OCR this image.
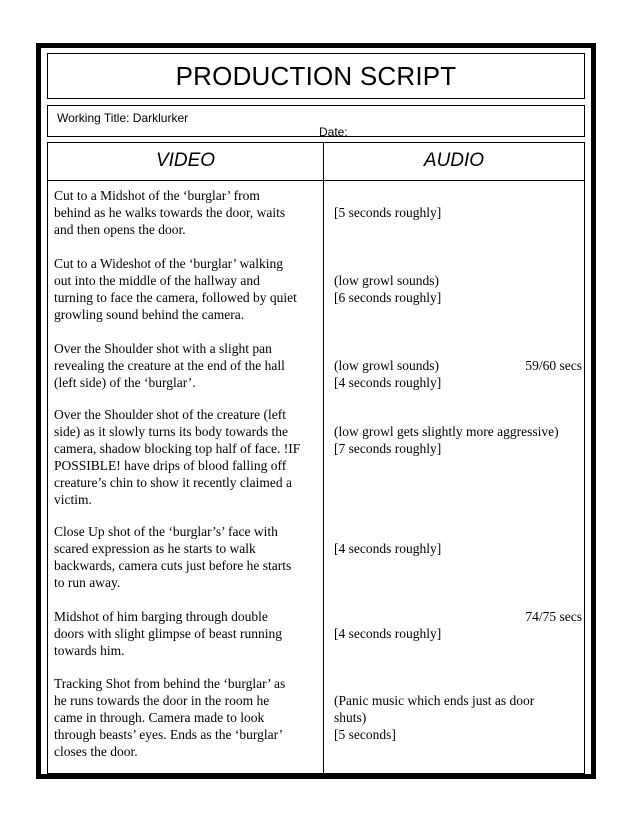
PRODUCTION SCRIPT
Working Title: Darklurker
Date:
VIDEO	AUDIO
Cut to a Midshot of the ‘burglar’ from
behind as he walks towards the door, waits
and then opens the door.

[5 seconds roughly]

Cut to a Wideshot of the ‘burglar’ walking
out into the middle of the hallway and
turning to face the camera, followed by quiet
growling sound behind the camera.

(low growl sounds)
[6 seconds roughly]

Over the Shoulder shot with a slight pan
revealing the creature at the end of the hall
(left side) of the ‘burglar’.

(low growl sounds)
[4 seconds roughly]

59/60 secs

Over the Shoulder shot of the creature (left
side) as it slowly turns its body towards the
camera, shadow blocking top half of face. !IF
POSSIBLE! have drips of blood falling off
creature’s chin to show it recently claimed a
victim.

(low growl gets slightly more aggressive)
[7 seconds roughly]

Close Up shot of the ‘burglar’s’ face with
scared expression as he starts to walk
backwards, camera cuts just before he starts
to run away.

[4 seconds roughly]

Midshot of him barging through double
doors with slight glimpse of beast running
towards him.

[4 seconds roughly]

74/75 secs

Tracking Shot from behind the ‘burglar’ as
he runs towards the door in the room he
came in through. Camera made to look
through beasts’ eyes. Ends as the ‘burglar’
closes the door.

(Panic music which ends just as door
shuts)
[5 seconds]
